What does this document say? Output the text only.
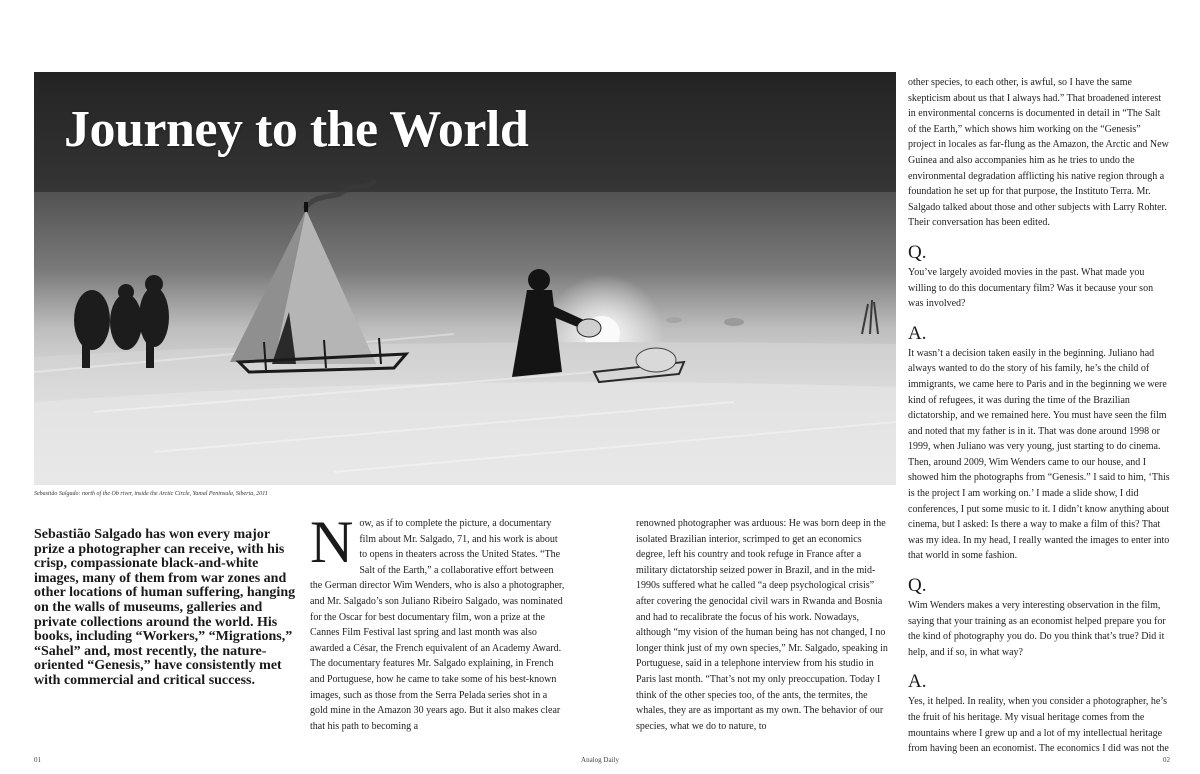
Journey to the World
Sebastião Salgado: north of the Ob river, inside the Arctic Circle, Yamal Peninsula, Siberia, 2011
Sebastião Salgado has won every major prize a photographer can receive, with his crisp, compassionate black-and-white images, many of them from war zones and other locations of human suffering, hanging on the walls of museums, galleries and private collections around the world. His books, including “Workers,” “Migrations,” “Sahel” and, most recently, the nature-oriented “Genesis,” have consistently met with commercial and critical success.
N ow, as if to complete the picture, a documentary film about Mr. Salgado, 71, and his work is about to opens in theaters across the United States. “The Salt of the Earth,” a collaborative effort between the German director Wim Wenders, who is also a photographer, and Mr. Salgado’s son Juliano Ribeiro Salgado, was nominated for the Oscar for best documentary film, won a prize at the Cannes Film Festival last spring and last month was also awarded a César, the French equivalent of an Academy Award. The documentary features Mr. Salgado explaining, in French and Portuguese, how he came to take some of his best-known images, such as those from the Serra Pelada series shot in a gold mine in the Amazon 30 years ago. But it also makes clear that his path to becoming a

renowned photographer was arduous: He was born deep in the isolated Brazilian interior, scrimped to get an economics degree, left his country and took refuge in France after a military dictatorship seized power in Brazil, and in the mid-1990s suffered what he called “a deep psychological crisis” after covering the genocidal civil wars in Rwanda and Bosnia and had to recalibrate the focus of his work. Nowadays, although “my vision of the human being has not changed, I no longer think just of my own species,” Mr. Salgado, speaking in Portuguese, said in a telephone interview from his studio in Paris last month. “That’s not my only preoccupation. Today I think of the other species too, of the ants, the termites, the whales, they are as important as my own. The behavior of our species, what we do to nature, to

other species, to each other, is awful, so I have the same skepticism about us that I always had.” That broadened interest in environmental concerns is documented in detail in “The Salt of the Earth,” which shows him working on the “Genesis” project in locales as far-flung as the Amazon, the Arctic and New Guinea and also accompanies him as he tries to undo the environmental degradation afflicting his native region through a foundation he set up for that purpose, the Instituto Terra. Mr. Salgado talked about those and other subjects with Larry Rohter. Their conversation has been edited.

Q.

You’ve largely avoided movies in the past. What made you willing to do this documentary film? Was it because your son was involved?

A.

It wasn’t a decision taken easily in the beginning. Juliano had always wanted to do the story of his family, he’s the child of immigrants, we came here to Paris and in the beginning we were kind of refugees, it was during the time of the Brazilian dictatorship, and we remained here. You must have seen the film and noted that my father is in it. That was done around 1998 or 1999, when Juliano was very young, just starting to do cinema. Then, around 2009, Wim Wenders came to our house, and I showed him the photographs from “Genesis.” I said to him, ‘This is the project I am working on.’ I made a slide show, I did conferences, I put some music to it. I didn’t know anything about cinema, but I asked: Is there a way to make a film of this? That was my idea. In my head, I really wanted the images to enter into that world in some fashion.

Q.

Wim Wenders makes a very interesting observation in the film, saying that your training as an economist helped prepare you for the kind of photography you do. Do you think that’s true? Did it help, and if so, in what way?

A.

Yes, it helped. In reality, when you consider a photographer, he’s the fruit of his heritage. My visual heritage comes from the mountains where I grew up and a lot of my intellectual heritage from having been an economist. The economics I did was not the

01	Analog Daily	02
